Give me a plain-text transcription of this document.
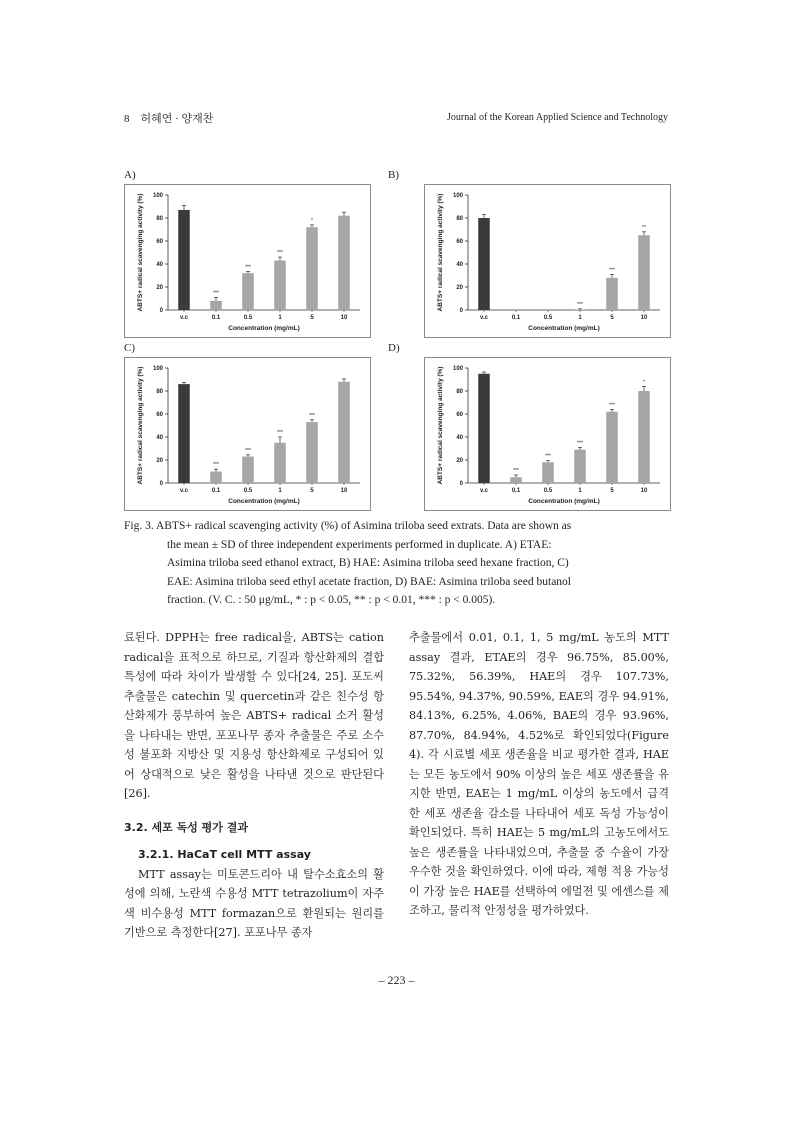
8 허혜연 · 양재찬	Journal of the Korean Applied Science and Technology
A)	B)
C)	D)
0
20
40
60
80
100
ABTS+ radical scavenging activity (%)
v.c
***
0.1
***
0.5
***
1
*
5	10
Concentration (mg/mL)
0
20
40
60
80
100
ABTS+ radical scavenging activity (%)
v.c	0.1	0.5
***
1
***
5
**
10
Concentration (mg/mL)
0
20
40
60
80
100
ABTS+ radical scavenging activity (%)
v.c
***
0.1
***
0.5
***
1
***
5	10
Concentration (mg/mL)
0
20
40
60
80
100
ABTS+ radical scavenging activity (%)
v.c
***
0.1
***
0.5
***
1
***
5
*
10
Concentration (mg/mL)
Fig. 3. ABTS+ radical scavenging activity (%) of Asimina triloba seed extrats. Data are shown as
the mean ± SD of three independent experiments performed in duplicate. A) ETAE:
Asimina triloba seed ethanol extract, B) HAE: Asimina triloba seed hexane fraction, C)
EAE: Asimina triloba seed ethyl acetate fraction, D) BAE: Asimina triloba seed butanol
fraction. (V. C. : 50 μg/mL, * : p < 0.05, ** : p < 0.01, *** : p < 0.005).

료된다. DPPH는 free radical을, ABTS는 cation radical을 표적으로 하므로, 기질과 항산화제의 결합 특성에 따라 차이가 발생할 수 있다[24, 25]. 포도씨 추출물은 catechin 및 quercetin과 같은 친수성 항산화제가 풍부하여 높은 ABTS+ radical 소거 활성을 나타내는 반면, 포포나무 종자 추출물은 주로 소수성 불포화 지방산 및 지용성 항산화제로 구성되어 있어 상대적으로 낮은 활성을 나타낸 것으로 판단된다[26].

3.2. 세포 독성 평가 결과

3.2.1. HaCaT cell MTT assay

MTT assay는 미토콘드리아 내 탈수소효소의 활성에 의해, 노란색 수용성 MTT tetrazolium이 자주색 비수용성 MTT formazan으로 환원되는 원리를 기반으로 측정한다[27]. 포포나무 종자

추출물에서 0.01, 0.1, 1, 5 mg/mL 농도의 MTT assay 결과, ETAE의 경우 96.75%, 85.00%, 75.32%, 56.39%, HAE의 경우 107.73%, 95.54%, 94.37%, 90.59%, EAE의 경우 94.91%, 84.13%, 6.25%, 4.06%, BAE의 경우 93.96%, 87.70%, 84.94%, 4.52%로 확인되었다(Figure 4). 각 시료별 세포 생존율을 비교 평가한 결과, HAE는 모든 농도에서 90% 이상의 높은 세포 생존률을 유지한 반면, EAE는 1 mg/mL 이상의 농도에서 급격한 세포 생존율 감소를 나타내어 세포 독성 가능성이 확인되었다. 특히 HAE는 5 mg/mL의 고농도에서도 높은 생존률을 나타내었으며, 추출물 중 수율이 가장 우수한 것을 확인하였다. 이에 따라, 제형 적용 가능성이 가장 높은 HAE를 선택하여 에멀젼 및 에센스를 제조하고, 물리적 안정성을 평가하였다.

– 223 –
